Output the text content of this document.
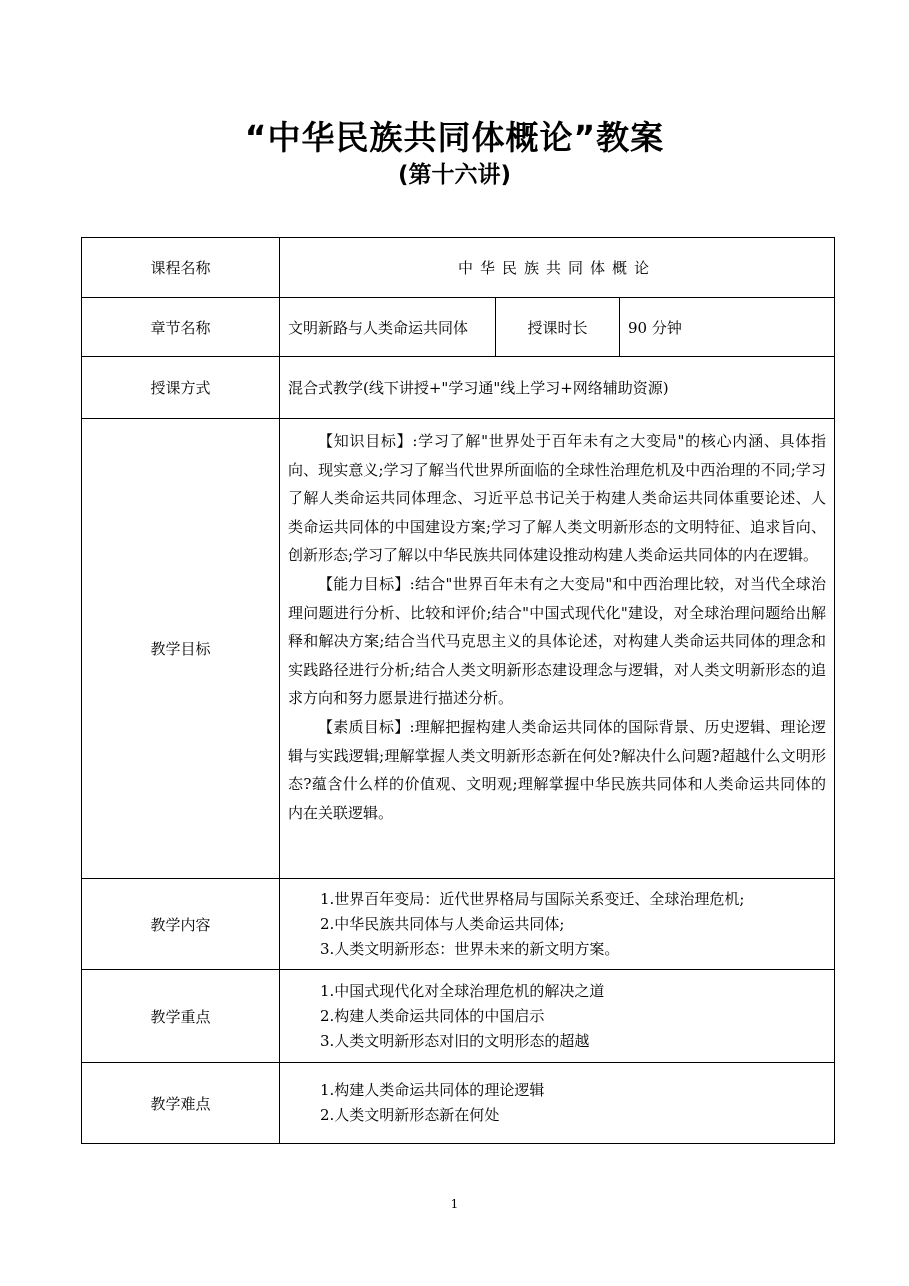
“中华民族共同体概论”教案
(第十六讲)
课程名称	中华民族共同体概论		
章节名称	文明新路与人类命运共同体	授课时长	90 分钟
授课方式	混合式教学(线下讲授+"学习通"线上学习+网络辅助资源)		
教学目标	【知识目标】:学习了解"世界处于百年未有之大变局"的核心内涵、具体指向、现实意义;学习了解当代世界所面临的全球性治理危机及中西治理的不同;学习了解人类命运共同体理念、习近平总书记关于构建人类命运共同体重要论述、人类命运共同体的中国建设方案;学习了解人类文明新形态的文明特征、追求旨向、创新形态;学习了解以中华民族共同体建设推动构建人类命运共同体的内在逻辑。

【能力目标】:结合"世界百年未有之大变局"和中西治理比较，对当代全球治理问题进行分析、比较和评价;结合"中国式现代化"建设，对全球治理问题给出解释和解决方案;结合当代马克思主义的具体论述，对构建人类命运共同体的理念和实践路径进行分析;结合人类文明新形态建设理念与逻辑，对人类文明新形态的追求方向和努力愿景进行描述分析。

【素质目标】:理解把握构建人类命运共同体的国际背景、历史逻辑、理论逻辑与实践逻辑;理解掌握人类文明新形态新在何处?解决什么问题?超越什么文明形态?蕴含什么样的价值观、文明观;理解掌握中华民族共同体和人类命运共同体的内在关联逻辑。		

教学内容	1.世界百年变局：近代世界格局与国际关系变迁、全球治理危机;
2.中华民族共同体与人类命运共同体;
3.人类文明新形态：世界未来的新文明方案。		

教学重点	1.中国式现代化对全球治理危机的解决之道
2.构建人类命运共同体的中国启示
3.人类文明新形态对旧的文明形态的超越		

教学难点	1.构建人类命运共同体的理论逻辑
2.人类文明新形态新在何处		
1
